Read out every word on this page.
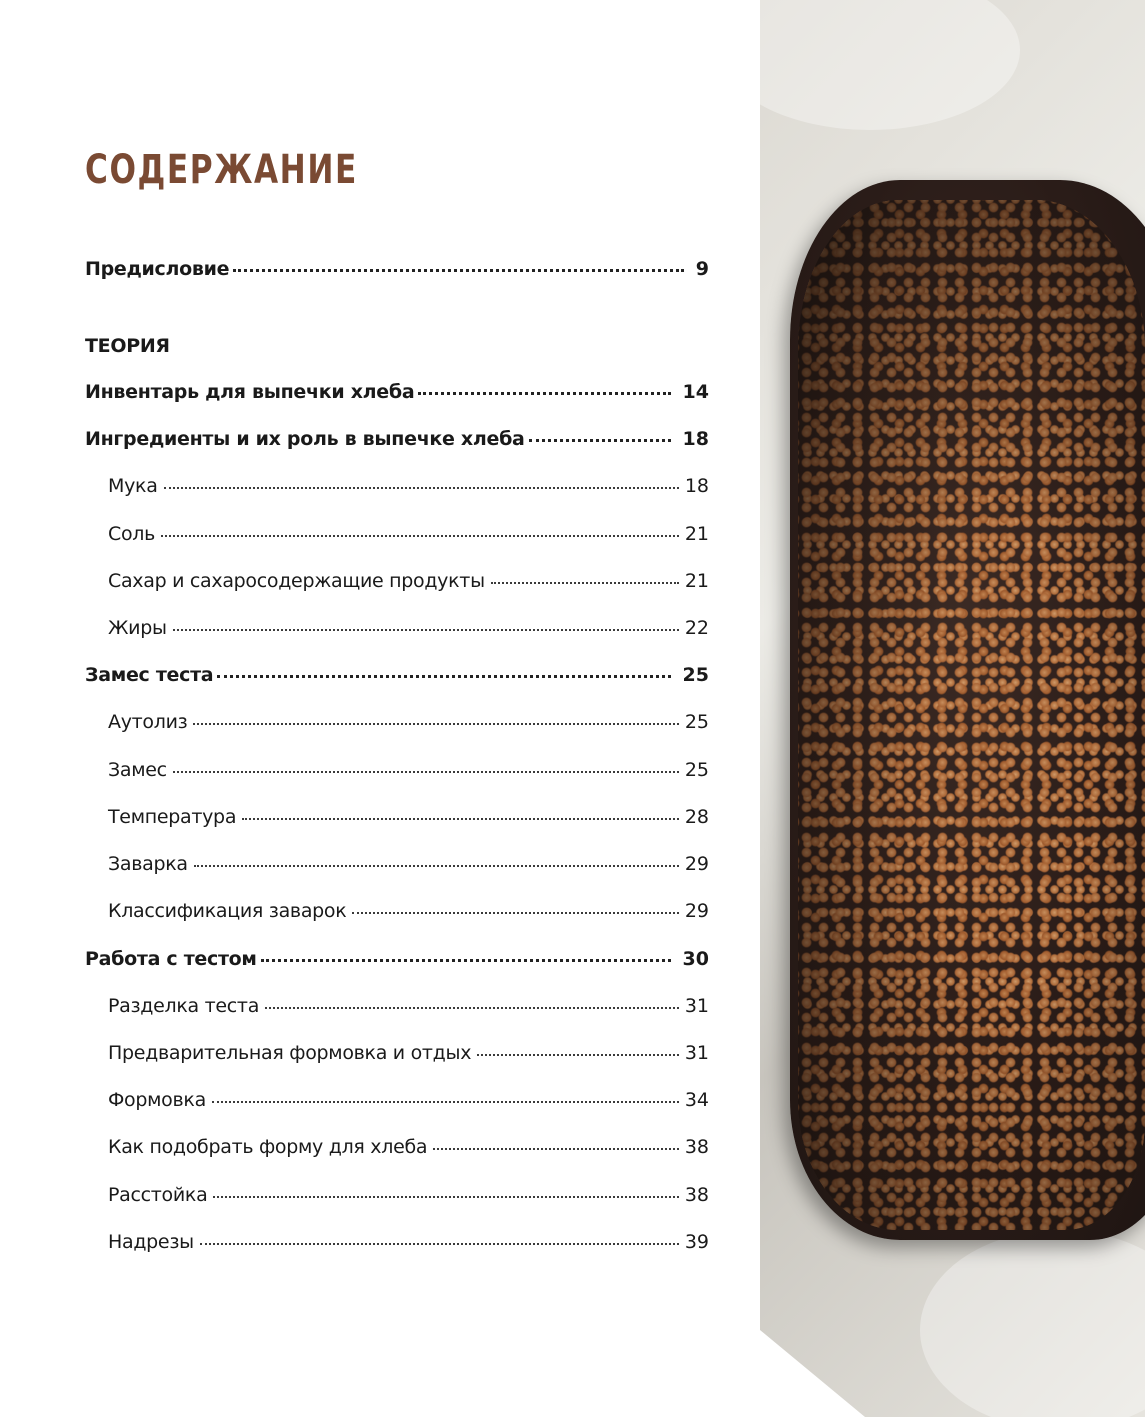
СОДЕРЖАНИЕ
Предисловие	9
ТЕОРИЯ
Инвентарь для выпечки хлеба	14
Ингредиенты и их роль в выпечке хлеба	18
Мука	18
Соль	21
Сахар и сахаросодержащие продукты	21
Жиры	22
Замес теста	25
Аутолиз	25
Замес	25
Температура	28
Заварка	29
Классификация заварок	29
Работа с тестом	30
Разделка теста	31
Предварительная формовка и отдых	31
Формовка	34
Как подобрать форму для хлеба	38
Расстойка	38
Надрезы	39
